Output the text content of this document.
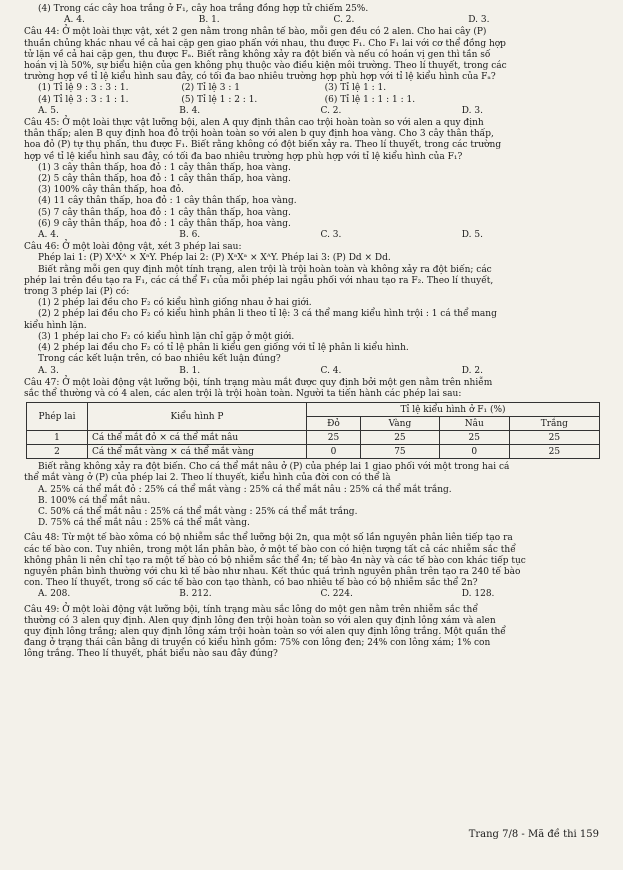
(4) Trong các cây hoa trắng ở F₁, cây hoa trắng đồng hợp tử chiếm 25%.

A. 4.	B. 1.	C. 2.	D. 3.

Câu 44: Ở một loài thực vật, xét 2 gen nằm trong nhân tế bào, mỗi gen đều có 2 alen. Cho hai cây (P)

thuần chủng khác nhau về cả hai cặp gen giao phấn với nhau, thu được F₁. Cho F₁ lai với cơ thể đồng hợp

tử lặn về cả hai cặp gen, thu được Fₐ. Biết rằng không xảy ra đột biến và nếu có hoán vị gen thì tần số

hoán vị là 50%, sự biểu hiện của gen không phụ thuộc vào điều kiện môi trường. Theo lí thuyết, trong các

trường hợp về tỉ lệ kiểu hình sau đây, có tối đa bao nhiêu trường hợp phù hợp với tỉ lệ kiểu hình của Fₐ?

(1) Tỉ lệ 9 : 3 : 3 : 1.	(2) Tỉ lệ 3 : 1	(3) Tỉ lệ 1 : 1.
(4) Tỉ lệ 3 : 3 : 1 : 1.	(5) Tỉ lệ 1 : 2 : 1.	(6) Tỉ lệ 1 : 1 : 1 : 1.
A. 5.	B. 4.	C. 2.	D. 3.

Câu 45: Ở một loài thực vật lưỡng bội, alen A quy định thân cao trội hoàn toàn so với alen a quy định

thân thấp; alen B quy định hoa đỏ trội hoàn toàn so với alen b quy định hoa vàng. Cho 3 cây thân thấp,

hoa đỏ (P) tự thụ phấn, thu được F₁. Biết rằng không có đột biến xảy ra. Theo lí thuyết, trong các trường

hợp về tỉ lệ kiểu hình sau đây, có tối đa bao nhiêu trường hợp phù hợp với tỉ lệ kiểu hình của F₁?

(1) 3 cây thân thấp, hoa đỏ : 1 cây thân thấp, hoa vàng.

(2) 5 cây thân thấp, hoa đỏ : 1 cây thân thấp, hoa vàng.

(3) 100% cây thân thấp, hoa đỏ.

(4) 11 cây thân thấp, hoa đỏ : 1 cây thân thấp, hoa vàng.

(5) 7 cây thân thấp, hoa đỏ : 1 cây thân thấp, hoa vàng.

(6) 9 cây thân thấp, hoa đỏ : 1 cây thân thấp, hoa vàng.

A. 4.	B. 6.	C. 3.	D. 5.

Câu 46: Ở một loài động vật, xét 3 phép lai sau:

Phép lai 1: (P) XᴬXᴬ × XᵃY. Phép lai 2: (P) XᵃXᵃ × XᴬY. Phép lai 3: (P) Dd × Dd.

Biết rằng mỗi gen quy định một tính trạng, alen trội là trội hoàn toàn và không xảy ra đột biến; các

phép lai trên đều tạo ra F₁, các cá thể F₁ của mỗi phép lai ngẫu phối với nhau tạo ra F₂. Theo lí thuyết,

trong 3 phép lai (P) có:

(1) 2 phép lai đều cho F₂ có kiểu hình giống nhau ở hai giới.

(2) 2 phép lai đều cho F₂ có kiểu hình phân li theo tỉ lệ: 3 cá thể mang kiểu hình trội : 1 cá thể mang

kiểu hình lặn.

(3) 1 phép lai cho F₂ có kiểu hình lặn chỉ gặp ở một giới.

(4) 2 phép lai đều cho F₂ có tỉ lệ phân li kiểu gen giống với tỉ lệ phân li kiểu hình.

Trong các kết luận trên, có bao nhiêu kết luận đúng?

A. 3.	B. 1.	C. 4.	D. 2.

Câu 47: Ở một loài động vật lưỡng bội, tính trạng màu mắt được quy định bởi một gen nằm trên nhiễm

sắc thể thường và có 4 alen, các alen trội là trội hoàn toàn. Người ta tiến hành các phép lai sau:

Phép lai	Kiểu hình P	Tỉ lệ kiểu hình ở F₁ (%)			
		Đỏ	Vàng	Nâu	Trắng
1	Cá thể mắt đỏ × cá thể mắt nâu	25	25	25	25
2	Cá thể mắt vàng × cá thể mắt vàng	0	75	0	25

Biết rằng không xảy ra đột biến. Cho cá thể mắt nâu ở (P) của phép lai 1 giao phối với một trong hai cá

thể mắt vàng ở (P) của phép lai 2. Theo lí thuyết, kiểu hình của đời con có thể là

A. 25% cá thể mắt đỏ : 25% cá thể mắt vàng : 25% cá thể mắt nâu : 25% cá thể mắt trắng.

B. 100% cá thể mắt nâu.

C. 50% cá thể mắt nâu : 25% cá thể mắt vàng : 25% cá thể mắt trắng.

D. 75% cá thể mắt nâu : 25% cá thể mắt vàng.

Câu 48: Từ một tế bào xôma có bộ nhiễm sắc thể lưỡng bội 2n, qua một số lần nguyên phân liên tiếp tạo ra

các tế bào con. Tuy nhiên, trong một lần phân bào, ở một tế bào con có hiện tượng tất cả các nhiễm sắc thể

không phân li nên chỉ tạo ra một tế bào có bộ nhiễm sắc thể 4n; tế bào 4n này và các tế bào con khác tiếp tục

nguyên phân bình thường với chu kì tế bào như nhau. Kết thúc quá trình nguyên phân trên tạo ra 240 tế bào

con. Theo lí thuyết, trong số các tế bào con tạo thành, có bao nhiêu tế bào có bộ nhiễm sắc thể 2n?

A. 208.	B. 212.	C. 224.	D. 128.

Câu 49: Ở một loài động vật lưỡng bội, tính trạng màu sắc lông do một gen nằm trên nhiễm sắc thể

thường có 3 alen quy định. Alen quy định lông đen trội hoàn toàn so với alen quy định lông xám và alen

quy định lông trắng; alen quy định lông xám trội hoàn toàn so với alen quy định lông trắng. Một quần thể

đang ở trạng thái cân bằng di truyền có kiểu hình gồm: 75% con lông đen; 24% con lông xám; 1% con

lông trắng. Theo lí thuyết, phát biểu nào sau đây đúng?

Trang 7/8 - Mã đề thi 159
